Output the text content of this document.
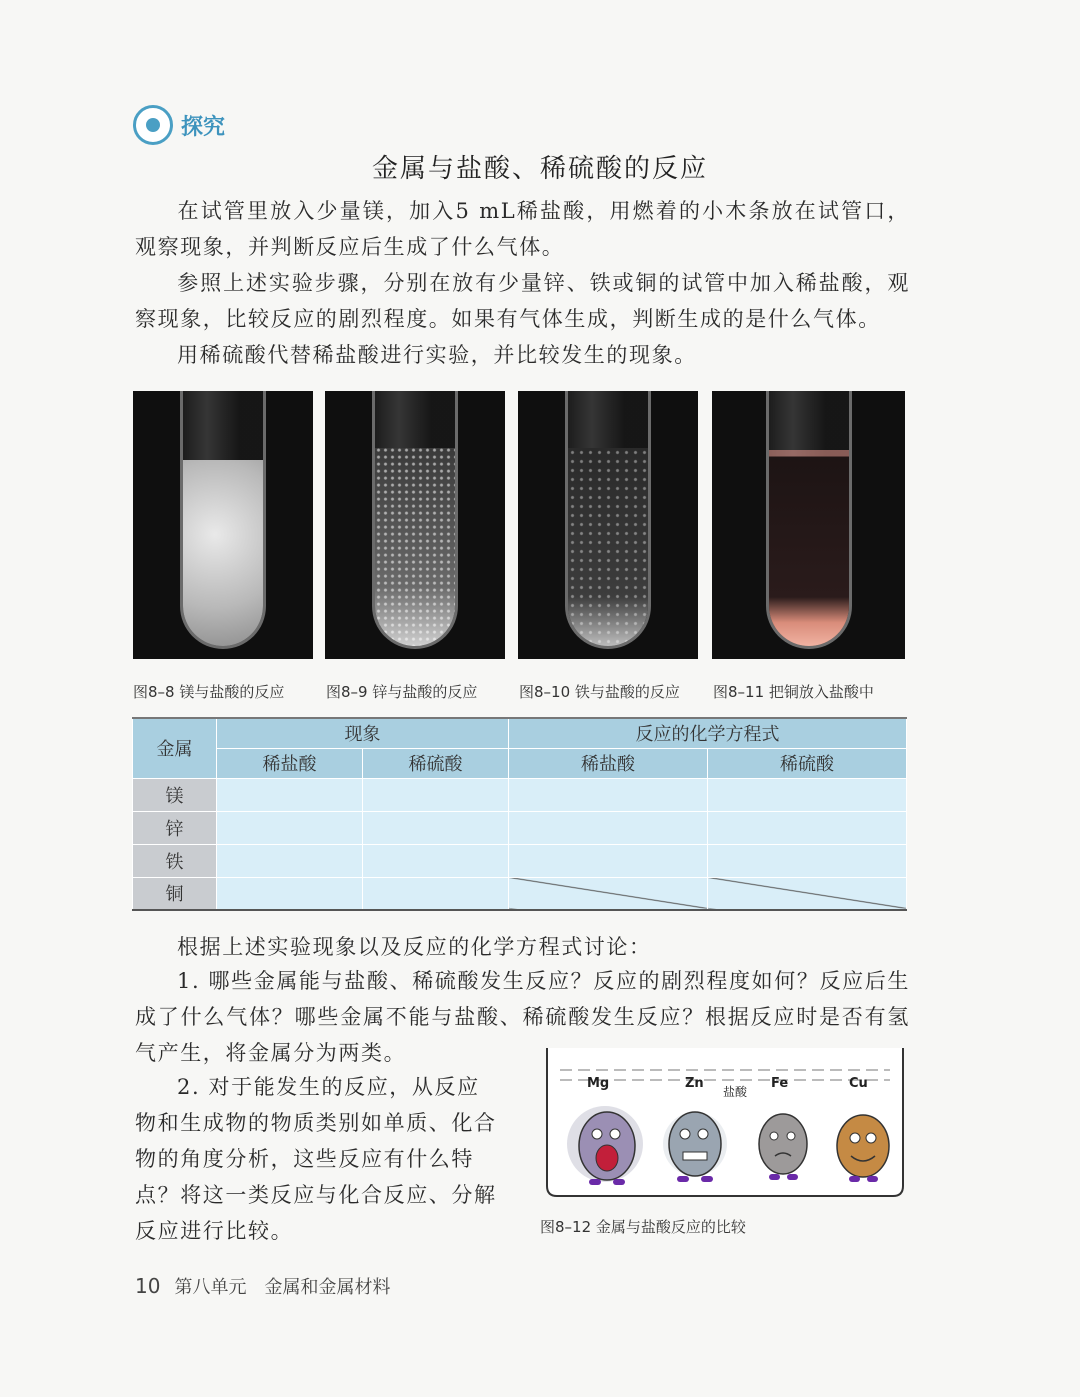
探究
金属与盐酸、稀硫酸的反应
在试管里放入少量镁，加入5 mL稀盐酸，用燃着的小木条放在试管口，观察现象，并判断反应后生成了什么气体。
参照上述实验步骤，分别在放有少量锌、铁或铜的试管中加入稀盐酸，观察现象，比较反应的剧烈程度。如果有气体生成，判断生成的是什么气体。
用稀硫酸代替稀盐酸进行实验，并比较发生的现象。
图8–8 镁与盐酸的反应	图8–9 锌与盐酸的反应	图8–10 铁与盐酸的反应 图8–11 把铜放入盐酸中
金属	现象		反应的化学方程式	
	稀盐酸	稀硫酸	稀盐酸	稀硫酸
镁				
锌				
铁				
铜				
根据上述实验现象以及反应的化学方程式讨论：
1. 哪些金属能与盐酸、稀硫酸发生反应？反应的剧烈程度如何？反应后生成了什么气体？哪些金属不能与盐酸、稀硫酸发生反应？根据反应时是否有氢气产生，将金属分为两类。
2. 对于能发生的反应，从反应
物和生成物的物质类别如单质、化合
物的角度分析，这些反应有什么特
点？将这一类反应与化合反应、分解
反应进行比较。
Mg	Zn
盐酸
Fe	Cu
图8–12 金属与盐酸反应的比较
10 第八单元　金属和金属材料
